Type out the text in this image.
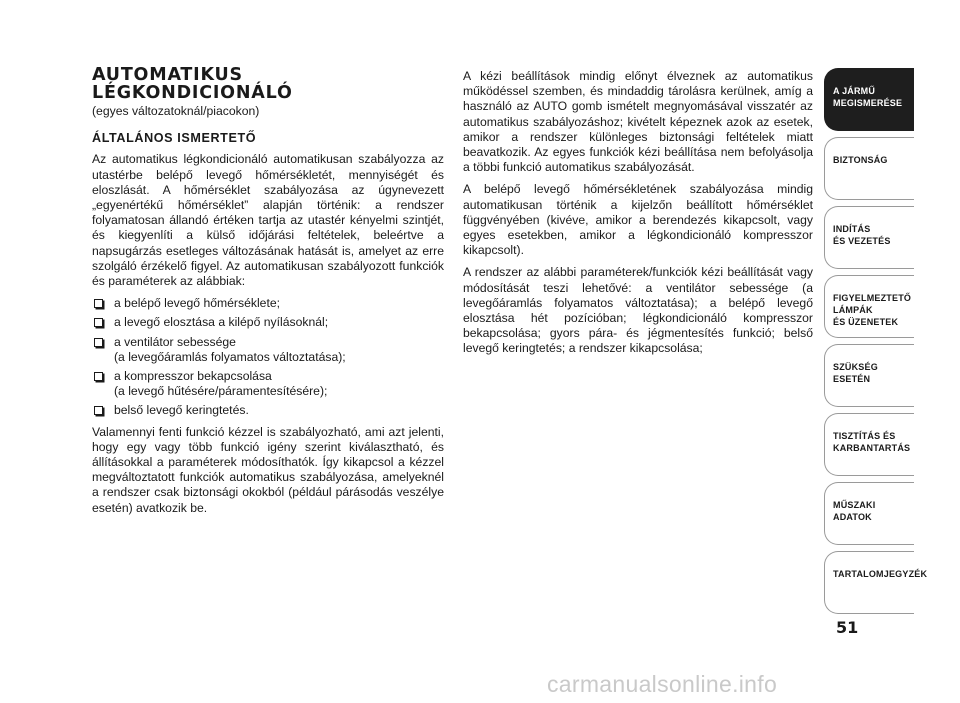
AUTOMATIKUS
LÉGKONDICIONÁLÓ
(egyes változatoknál/piacokon)
ÁLTALÁNOS ISMERTETŐ

Az automatikus légkondicionáló automatikusan szabályozza az utastérbe belépő levegő hőmérsékletét, mennyiségét és eloszlását. A hőmérséklet szabályozása az úgynevezett „egyenértékű hőmérséklet” alapján történik: a rendszer folyamatosan állandó értéken tartja az utastér kényelmi szintjét, és kiegyenlíti a külső időjárási feltételek, beleértve a napsugárzás esetleges változásának hatását is, amelyet az erre szolgáló érzékelő figyel. Az automatikusan szabályozott funkciók és paraméterek az alábbiak:

a belépő levegő hőmérséklete;
a levegő elosztása a kilépő nyílásoknál;
a ventilátor sebessége
(a levegőáramlás folyamatos változtatása);
a kompresszor bekapcsolása
(a levegő hűtésére/páramentesítésére);
belső levegő keringtetés.

Valamennyi fenti funkció kézzel is szabályozható, ami azt jelenti, hogy egy vagy több funkció igény szerint kiválasztható, és állításokkal a paraméterek módosíthatók. Így kikapcsol a kézzel megváltoztatott funkciók automatikus szabályozása, amelyeknél a rendszer csak biztonsági okokból (például párásodás veszélye esetén) avatkozik be.

A kézi beállítások mindig előnyt élveznek az automatikus működéssel szemben, és mindaddig tárolásra kerülnek, amíg a használó az AUTO gomb ismételt megnyomásával visszatér az automatikus szabályozáshoz; kivételt képeznek azok az esetek, amikor a rendszer különleges biztonsági feltételek miatt beavatkozik. Az egyes funkciók kézi beállítása nem befolyásolja a többi funkció automatikus szabályozását.

A belépő levegő hőmérsékletének szabályozása mindig automatikusan történik a kijelzőn beállított hőmérséklet függvényében (kivéve, amikor a berendezés kikapcsolt, vagy egyes esetekben, amikor a légkondicionáló kompresszor kikapcsolt).

A rendszer az alábbi paraméterek/funkciók kézi beállítását vagy módosítását teszi lehetővé: a ventilátor sebessége (a levegőáramlás folyamatos változtatása); a belépő levegő elosztása hét pozícióban; légkondicionáló kompresszor bekapcsolása; gyors pára- és jégmentesítés funkció; belső levegő keringtetés; a rendszer kikapcsolása;

A JÁRMŰ
MEGISMERÉSE
BIZTONSÁG
INDÍTÁS
ÉS VEZETÉS
FIGYELMEZTETŐ
LÁMPÁK
ÉS ÜZENETEK
SZÜKSÉG
ESETÉN
TISZTÍTÁS ÉS
KARBANTARTÁS
MŰSZAKI
ADATOK
TARTALOMJEGYZÉK
51
carmanualsonline.info
